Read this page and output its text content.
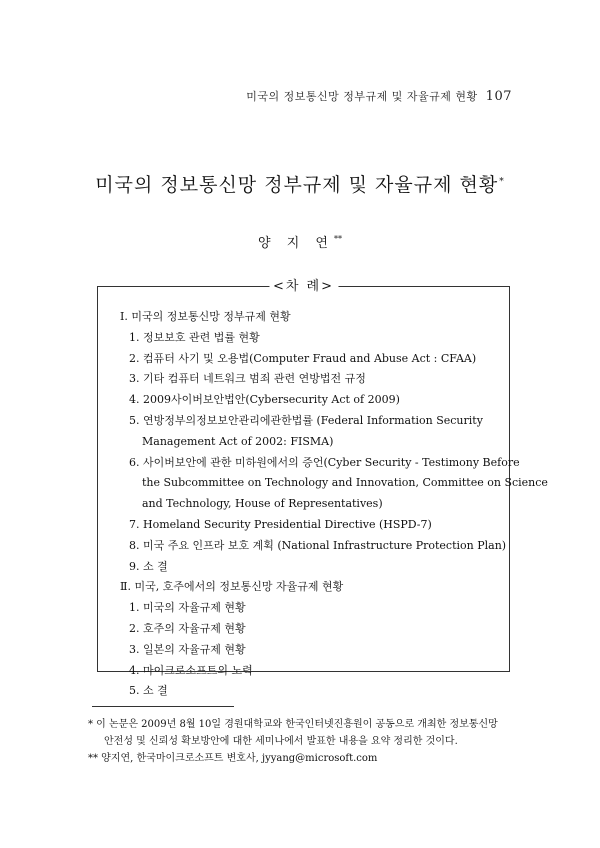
미국의 정보통신망 정부규제 및 자율규제 현황 107
미국의 정보통신망 정부규제 및 자율규제 현황*
양 지 연**
<차 례>
Ⅰ. 미국의 정보통신망 정부규제 현황
1. 정보보호 관련 법률 현황
2. 컴퓨터 사기 및 오용법(Computer Fraud and Abuse Act : CFAA)
3. 기타 컴퓨터 네트워크 범죄 관련 연방법전 규정
4. 2009사이버보안법안(Cybersecurity Act of 2009)
5. 연방정부의정보보안관리에관한법률 (Federal Information Security
Management Act of 2002: FISMA)
6. 사이버보안에 관한 미하원에서의 증언(Cyber Security - Testimony Before
the Subcommittee on Technology and Innovation, Committee on Science
and Technology, House of Representatives)
7. Homeland Security Presidential Directive (HSPD-7)
8. 미국 주요 인프라 보호 계획 (National Infrastructure Protection Plan)
9. 소 결
Ⅱ. 미국, 호주에서의 정보통신망 자율규제 현황
1. 미국의 자율규제 현황
2. 호주의 자율규제 현황
3. 일본의 자율규제 현황
4. 마이크로소프트의 노력
5. 소 결
* 이 논문은 2009년 8월 10일 경원대학교와 한국인터넷진흥원이 공동으로 개최한 정보통신망
안전성 및 신뢰성 확보방안에 대한 세미나에서 발표한 내용을 요약 정리한 것이다.
** 양지연, 한국마이크로소프트 변호사, jyyang@microsoft.com
